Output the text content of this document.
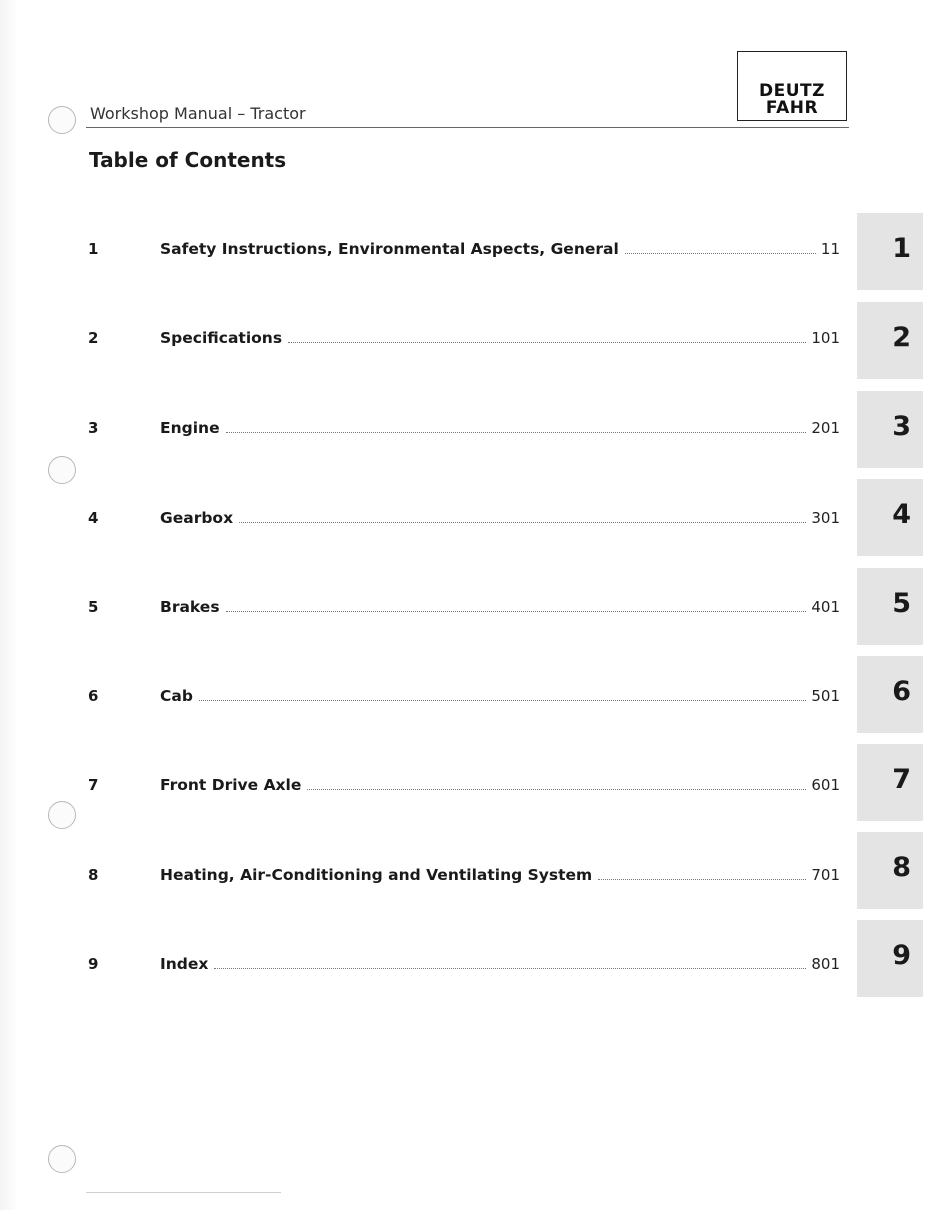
Workshop Manual – Tractor
DEUTZ
FAHR
Table of Contents
1	Safety Instructions, Environmental Aspects, General	11
2	Specifications	101
3	Engine	201
4	Gearbox	301
5	Brakes	401
6	Cab	501
7	Front Drive Axle	601
8	Heating, Air-Conditioning and Ventilating System	701
9	Index	801
1
2
3
4
5
6
7
8
9
